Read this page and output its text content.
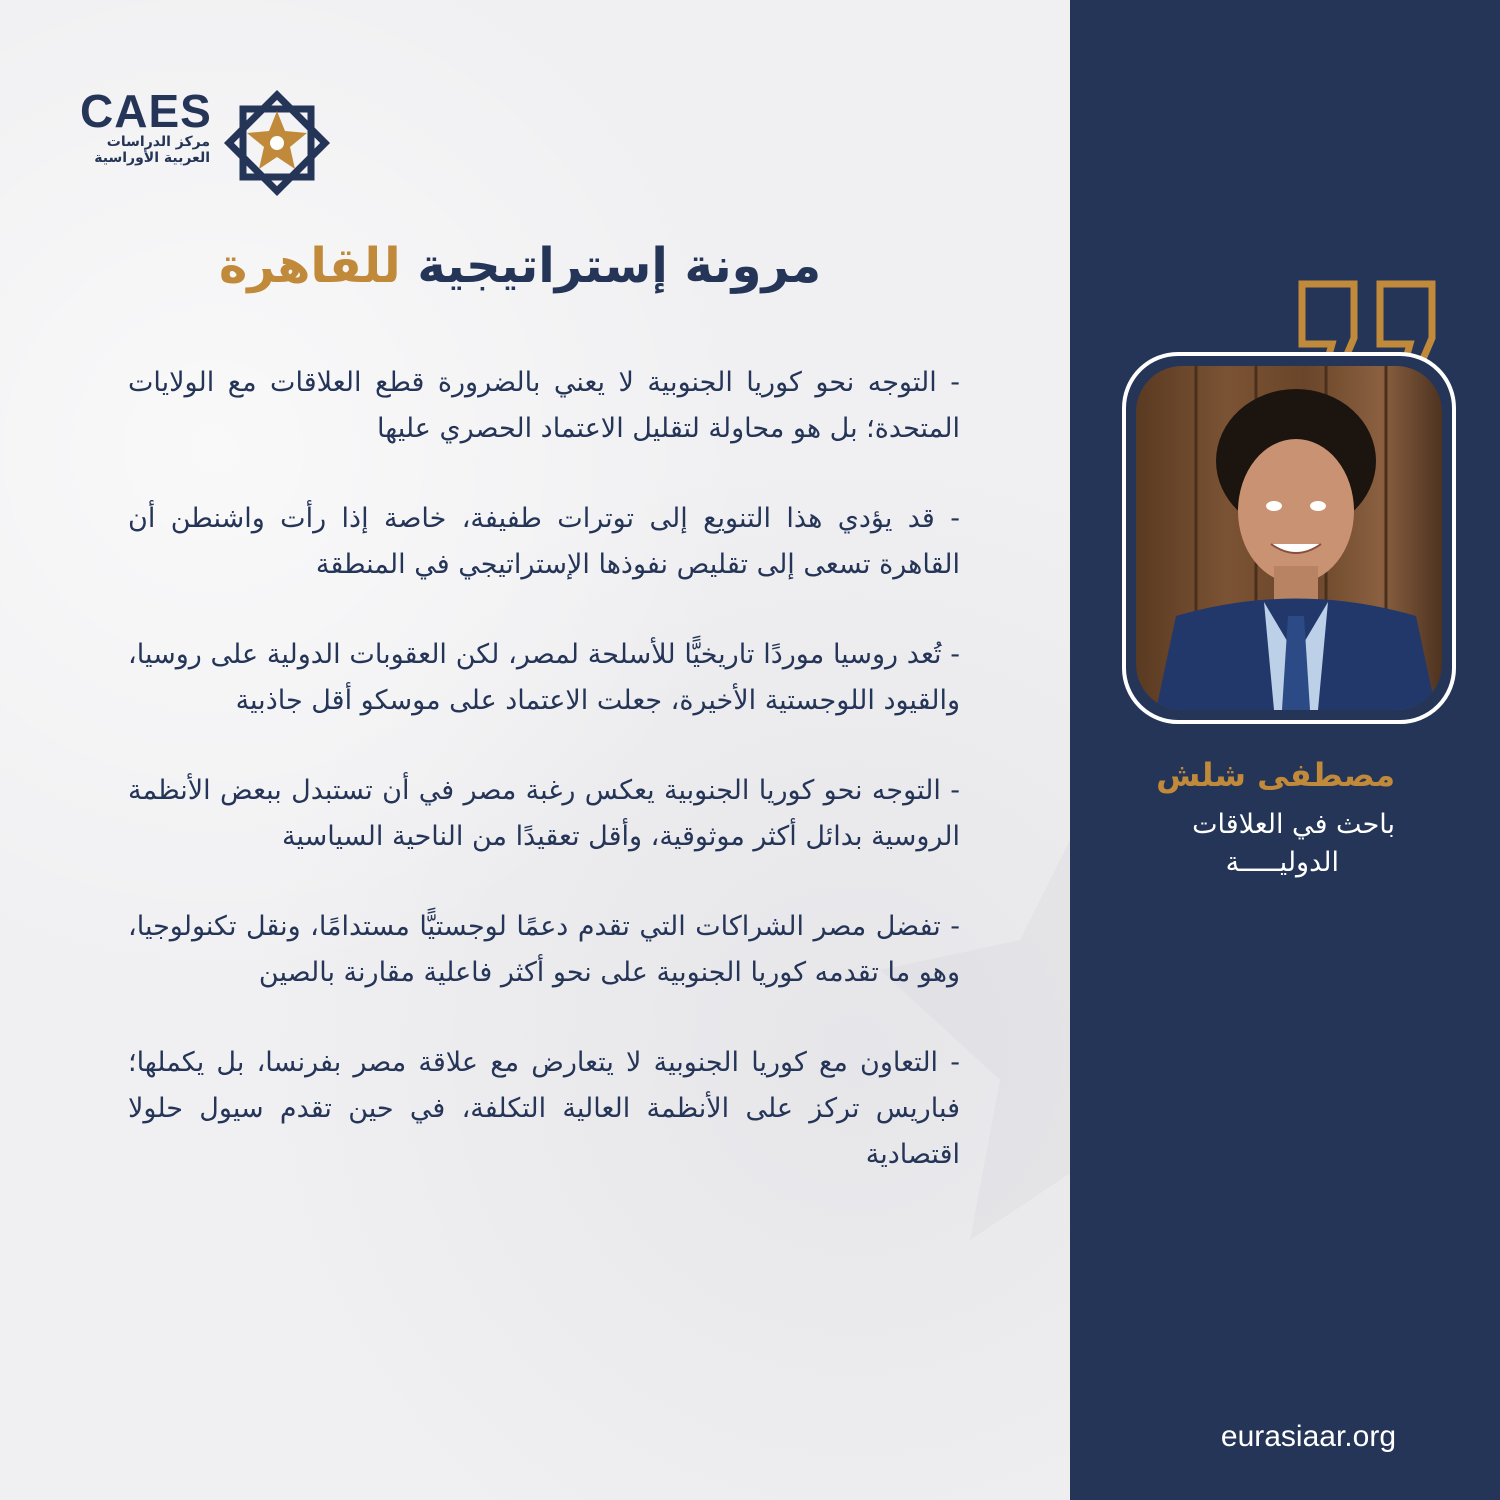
CAES
مركز الدراسات
العربية الأوراسية
مرونة إستراتيجية للقاهرة

- التوجه نحو كوريا الجنوبية لا يعني بالضرورة قطع العلاقات مع الولايات المتحدة؛ بل هو محاولة لتقليل الاعتماد الحصري عليها

- قد يؤدي هذا التنويع إلى توترات طفيفة، خاصة إذا رأت واشنطن أن القاهرة تسعى إلى تقليص نفوذها الإستراتيجي في المنطقة

- تُعد روسيا موردًا تاريخيًّا للأسلحة لمصر، لكن العقوبات الدولية على روسيا، والقيود اللوجستية الأخيرة، جعلت الاعتماد على موسكو أقل جاذبية

- التوجه نحو كوريا الجنوبية يعكس رغبة مصر في أن تستبدل ببعض الأنظمة الروسية بدائل أكثر موثوقية، وأقل تعقيدًا من الناحية السياسية

- تفضل مصر الشراكات التي تقدم دعمًا لوجستيًّا مستدامًا، ونقل تكنولوجيا، وهو ما تقدمه كوريا الجنوبية على نحو أكثر فاعلية مقارنة بالصين

- التعاون مع كوريا الجنوبية لا يتعارض مع علاقة مصر بفرنسا، بل يكملها؛ فباريس تركز على الأنظمة العالية التكلفة، في حين تقدم سيول حلولا اقتصادية

مصطفى شلش
باحث في العلاقات
الدوليـــــة
eurasiaar.org
